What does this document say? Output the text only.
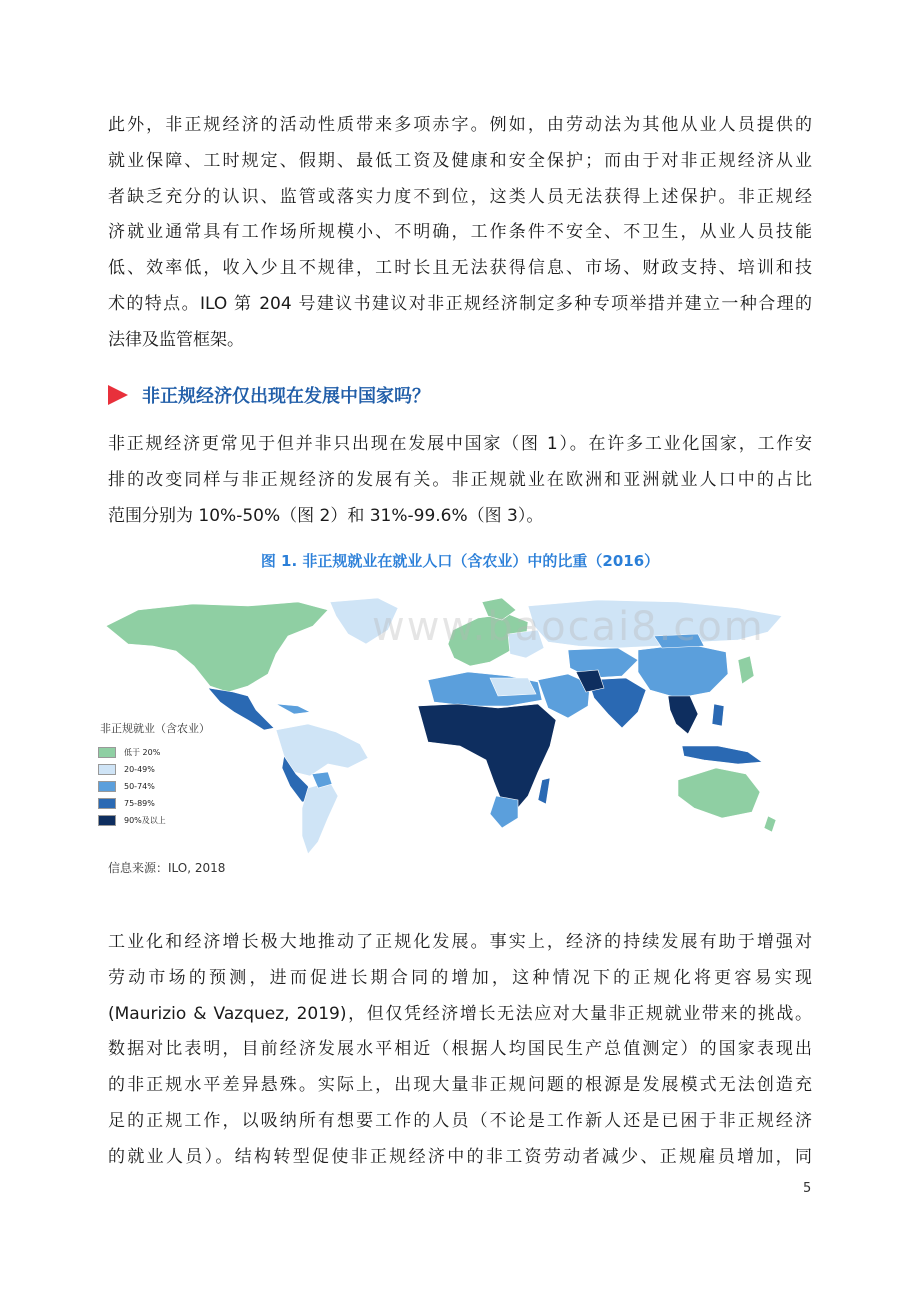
此外，非正规经济的活动性质带来多项赤字。例如，由劳动法为其他从业人员提供的
就业保障、工时规定、假期、最低工资及健康和安全保护；而由于对非正规经济从业
者缺乏充分的认识、监管或落实力度不到位，这类人员无法获得上述保护。非正规经
济就业通常具有工作场所规模小、不明确，工作条件不安全、不卫生，从业人员技能
低、效率低，收入少且不规律，工时长且无法获得信息、市场、财政支持、培训和技
术的特点。ILO 第 204 号建议书建议对非正规经济制定多种专项举措并建立一种合理的
法律及监管框架。
非正规经济仅出现在发展中国家吗？
非正规经济更常见于但并非只出现在发展中国家（图 1）。在许多工业化国家，工作安
排的改变同样与非正规经济的发展有关。非正规就业在欧洲和亚洲就业人口中的占比
范围分别为 10%-50%（图 2）和 31%-99.6%（图 3）。
图 1. 非正规就业在就业人口（含农业）中的比重（2016）
www.baocai8.com
非正规就业（含农业）
低于 20%
20-49%
50-74%
75-89%
90%及以上
信息来源：ILO, 2018
工业化和经济增长极大地推动了正规化发展。事实上，经济的持续发展有助于增强对
劳动市场的预测，进而促进长期合同的增加，这种情况下的正规化将更容易实现
(Maurizio & Vazquez, 2019)，但仅凭经济增长无法应对大量非正规就业带来的挑战。
数据对比表明，目前经济发展水平相近（根据人均国民生产总值测定）的国家表现出
的非正规水平差异悬殊。实际上，出现大量非正规问题的根源是发展模式无法创造充
足的正规工作，以吸纳所有想要工作的人员（不论是工作新人还是已困于非正规经济
的就业人员）。结构转型促使非正规经济中的非工资劳动者减少、正规雇员增加，同
5
